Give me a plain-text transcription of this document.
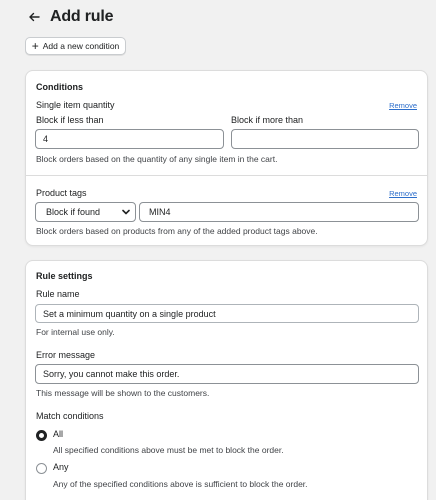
Add rule
+ Add a new condition
Conditions
Single item quantity	Remove
Block if less than
4
Block if more than
Block orders based on the quantity of any single item in the cart.
Product tags	Remove
Block if found	MIN4
Block orders based on products from any of the added product tags above.
Rule settings
Rule name
Set a minimum quantity on a single product
For internal use only.
Error message
Sorry, you cannot make this order.
This message will be shown to the customers.
Match conditions
All
All specified conditions above must be met to block the order.
Any
Any of the specified conditions above is sufficient to block the order.
